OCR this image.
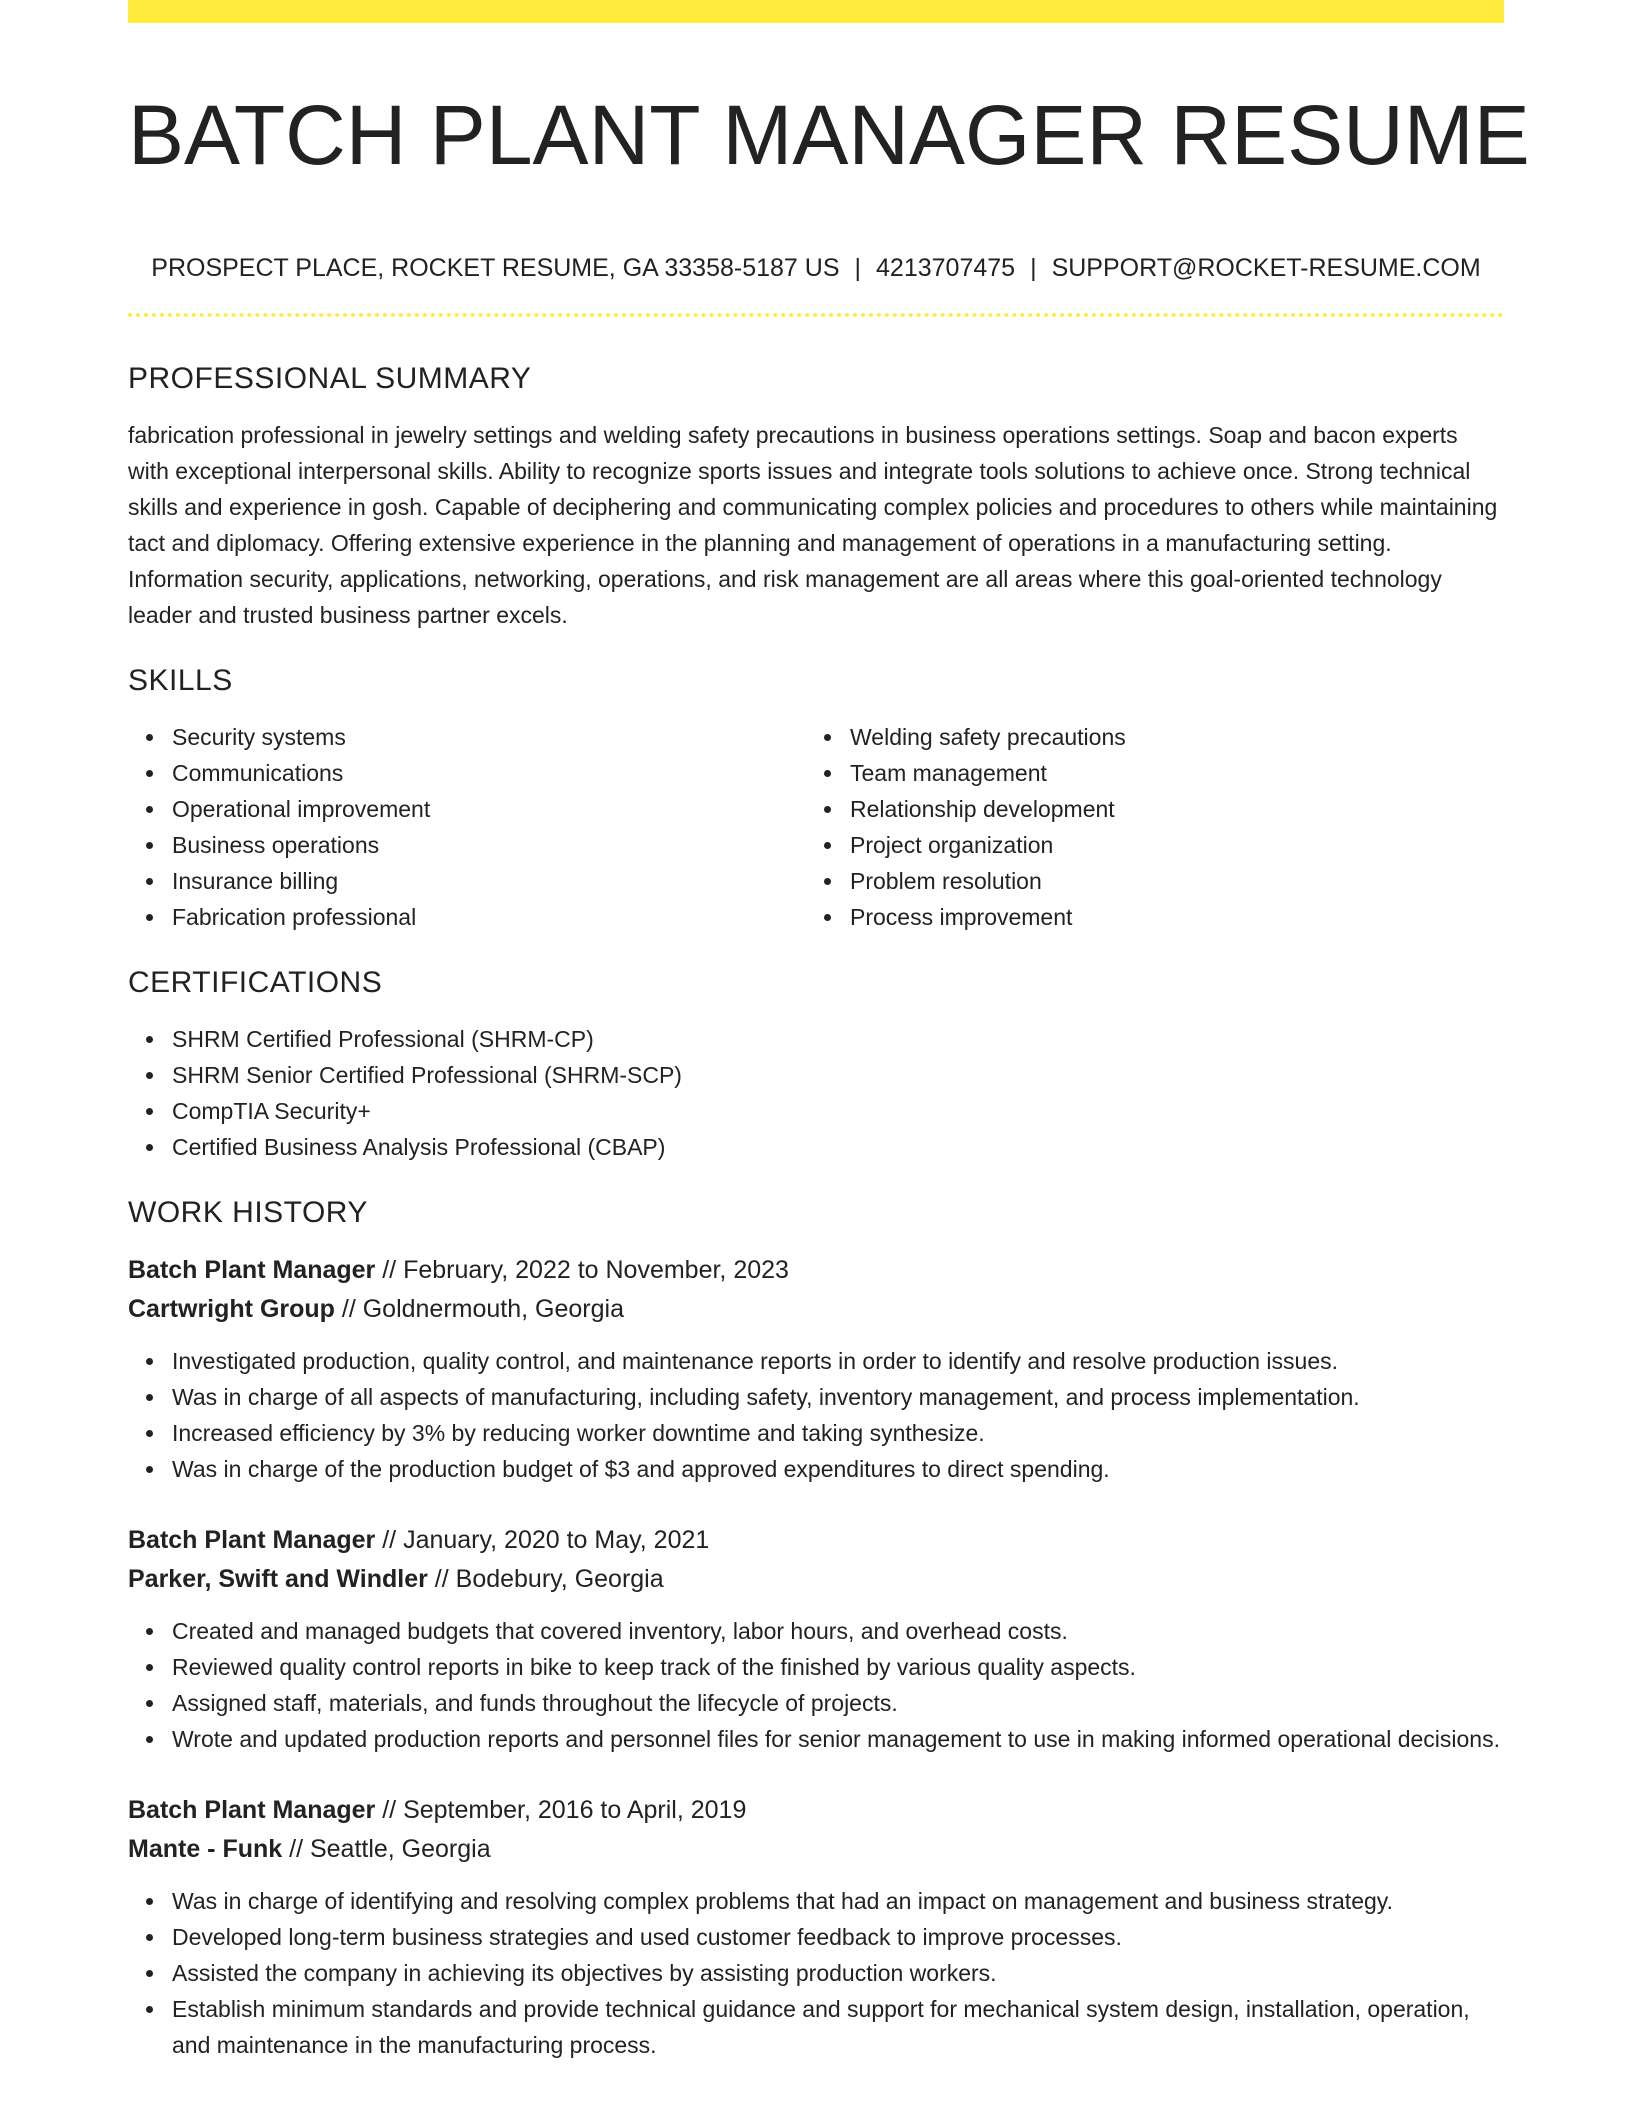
BATCH PLANT MANAGER RESUME
PROSPECT PLACE, ROCKET RESUME, GA 33358-5187 US | 4213707475 | SUPPORT@ROCKET-RESUME.COM
PROFESSIONAL SUMMARY

fabrication professional in jewelry settings and welding safety precautions in business operations settings. Soap and bacon experts with exceptional interpersonal skills. Ability to recognize sports issues and integrate tools solutions to achieve once. Strong technical skills and experience in gosh. Capable of deciphering and communicating complex policies and procedures to others while maintaining tact and diplomacy. Offering extensive experience in the planning and management of operations in a manufacturing setting. Information security, applications, networking, operations, and risk management are all areas where this goal-oriented technology leader and trusted business partner excels.

SKILLS
Security systems
Communications
Operational improvement
Business operations
Insurance billing
Fabrication professional
Welding safety precautions
Team management
Relationship development
Project organization
Problem resolution
Process improvement
CERTIFICATIONS
SHRM Certified Professional (SHRM-CP)
SHRM Senior Certified Professional (SHRM-SCP)
CompTIA Security+
Certified Business Analysis Professional (CBAP)
WORK HISTORY
Batch Plant Manager // February, 2022 to November, 2023
Cartwright Group // Goldnermouth, Georgia
Investigated production, quality control, and maintenance reports in order to identify and resolve production issues.
Was in charge of all aspects of manufacturing, including safety, inventory management, and process implementation.
Increased efficiency by 3% by reducing worker downtime and taking synthesize.
Was in charge of the production budget of $3 and approved expenditures to direct spending.
Batch Plant Manager // January, 2020 to May, 2021
Parker, Swift and Windler // Bodebury, Georgia
Created and managed budgets that covered inventory, labor hours, and overhead costs.
Reviewed quality control reports in bike to keep track of the finished by various quality aspects.
Assigned staff, materials, and funds throughout the lifecycle of projects.
Wrote and updated production reports and personnel files for senior management to use in making informed operational decisions.
Batch Plant Manager // September, 2016 to April, 2019
Mante - Funk // Seattle, Georgia
Was in charge of identifying and resolving complex problems that had an impact on management and business strategy.
Developed long-term business strategies and used customer feedback to improve processes.
Assisted the company in achieving its objectives by assisting production workers.
Establish minimum standards and provide technical guidance and support for mechanical system design, installation, operation, and maintenance in the manufacturing process.
